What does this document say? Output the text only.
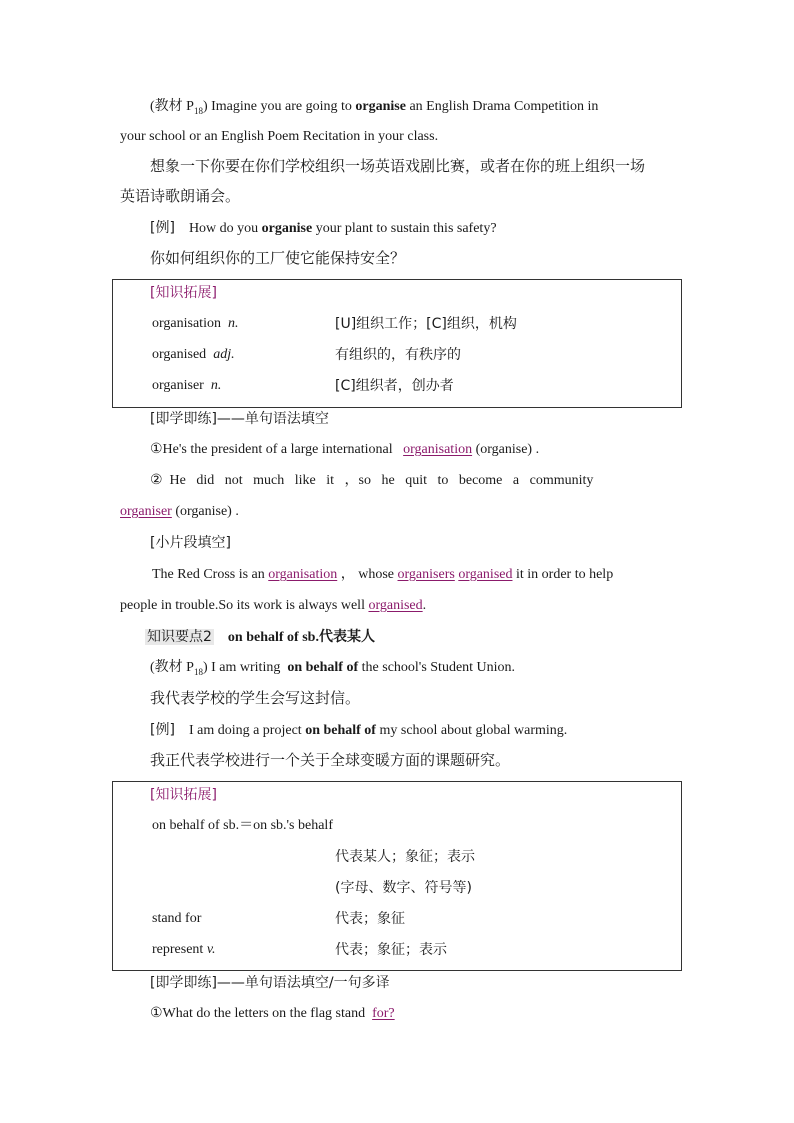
(教材 $P_{18}$) Imagine you are going to organise an English Drama Competition in
your school or an English Poem Recitation in your class.
想象一下你要在你们学校组织一场英语戏剧比赛，或者在你的班上组织一场
英语诗歌朗诵会。
[例] How do you organise your plant to sustain this safety?
你如何组织你的工厂使它能保持安全？
[知识拓展]
organisation n.	[U]组织工作；[C]组织，机构
organised adj.	有组织的，有秩序的
organiser n.	[C]组织者，创办者
[即学即练]——单句语法填空
①He's the president of a large international organisation (organise) .
②  He   did   not   much   like   it   ，so   he   quit   to   become   a   community
organiser (organise) .
[小片段填空]
The Red Cross is an organisation ， whose organisers organised it in order to help
people in trouble.So its work is always well organised.
知识要点2 on behalf of sb.代表某人
(教材 $P_{18}$) I am writing on behalf of the school's Student Union.
我代表学校的学生会写这封信。
[例] I am doing a project on behalf of my school about global warming.
我正代表学校进行一个关于全球变暖方面的课题研究。
[知识拓展]
on behalf of sb.＝on sb.'s behalf
代表某人；象征；表示
(字母、数字、符号等)
stand for	代表；象征
represent v.	代表；象征；表示
[即学即练]——单句语法填空/一句多译
①What do the letters on the flag stand for?
